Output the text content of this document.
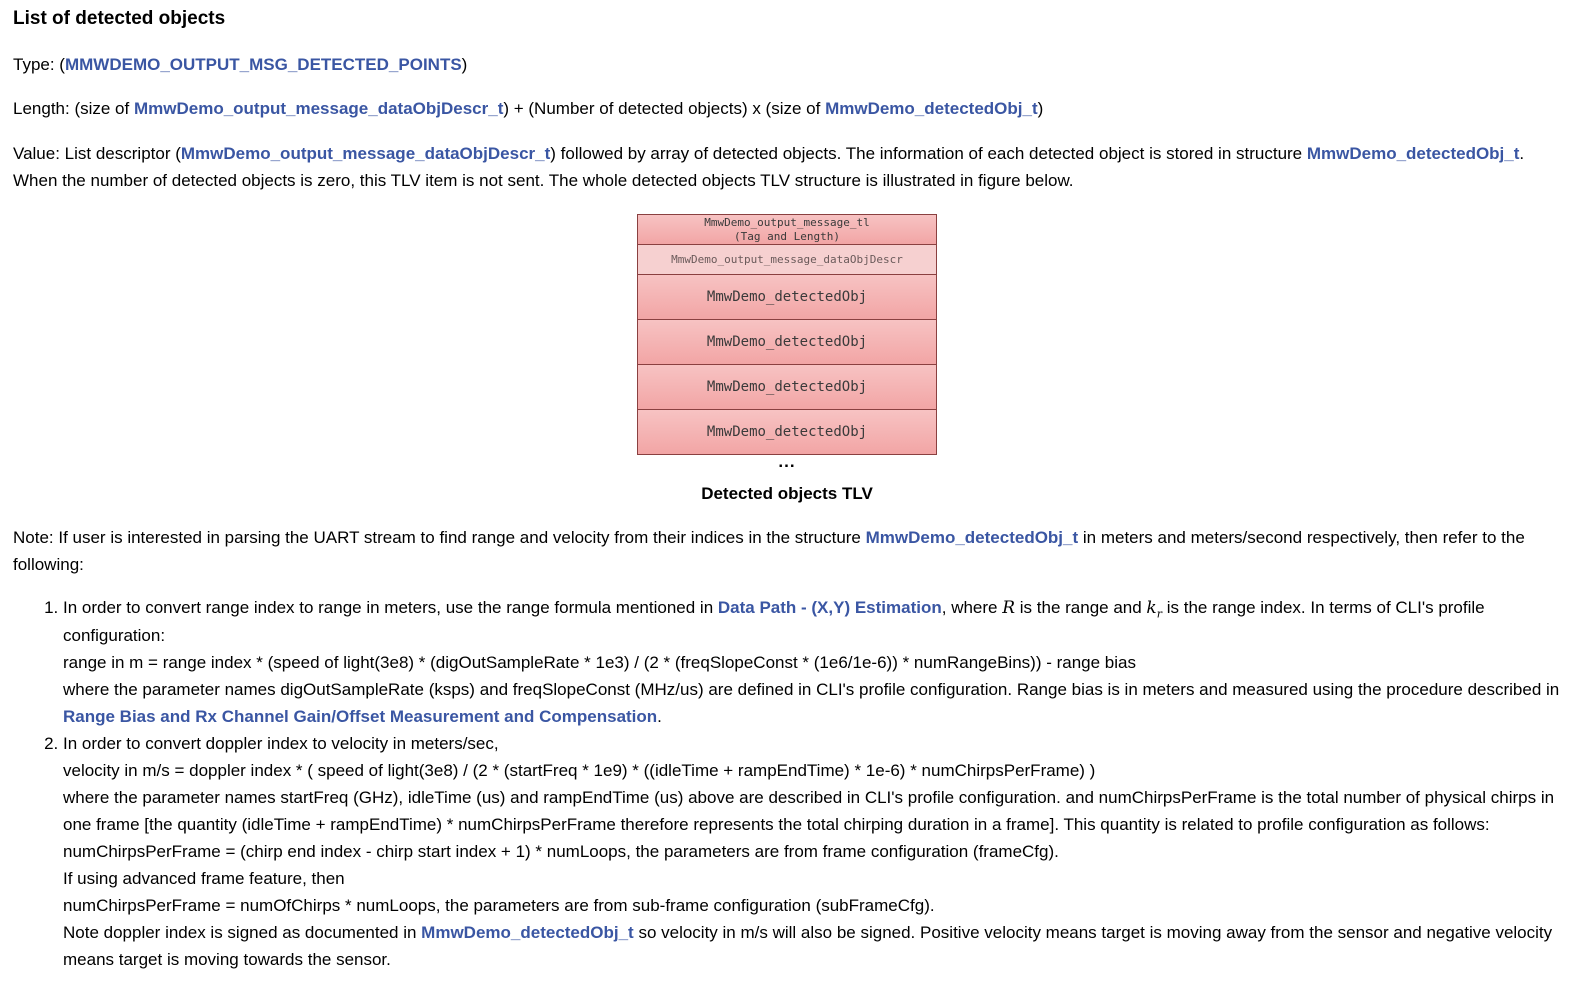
List of detected objects

Type: (MMWDEMO_OUTPUT_MSG_DETECTED_POINTS)

Length: (size of MmwDemo_output_message_dataObjDescr_t) + (Number of detected objects) x (size of MmwDemo_detectedObj_t)

Value: List descriptor (MmwDemo_output_message_dataObjDescr_t) followed by array of detected objects. The information of each detected object is stored in structure MmwDemo_detectedObj_t. When the number of detected objects is zero, this TLV item is not sent. The whole detected objects TLV structure is illustrated in figure below.

MmwDemo_output_message_tl
(Tag and Length)
MmwDemo_output_message_dataObjDescr
MmwDemo_detectedObj
MmwDemo_detectedObj
MmwDemo_detectedObj
MmwDemo_detectedObj
...
Detected objects TLV

Note: If user is interested in parsing the UART stream to find range and velocity from their indices in the structure MmwDemo_detectedObj_t in meters and meters/second respectively, then refer to the following:

1. In order to convert range index to range in meters, use the range formula mentioned in Data Path - (X,Y) Estimation, where R is the range and $k_r$ is the range index. In terms of CLI's profile configuration:
range in m = range index * (speed of light(3e8) * (digOutSampleRate * 1e3) / (2 * (freqSlopeConst * (1e6/1e-6)) * numRangeBins)) - range bias
where the parameter names digOutSampleRate (ksps) and freqSlopeConst (MHz/us) are defined in CLI's profile configuration. Range bias is in meters and measured using the procedure described in Range Bias and Rx Channel Gain/Offset Measurement and Compensation.
2. In order to convert doppler index to velocity in meters/sec,
velocity in m/s = doppler index * ( speed of light(3e8) / (2 * (startFreq * 1e9) * ((idleTime + rampEndTime) * 1e-6) * numChirpsPerFrame) )
where the parameter names startFreq (GHz), idleTime (us) and rampEndTime (us) above are described in CLI's profile configuration. and numChirpsPerFrame is the total number of physical chirps in one frame [the quantity (idleTime + rampEndTime) * numChirpsPerFrame therefore represents the total chirping duration in a frame]. This quantity is related to profile configuration as follows:
numChirpsPerFrame = (chirp end index - chirp start index + 1) * numLoops, the parameters are from frame configuration (frameCfg).
If using advanced frame feature, then
numChirpsPerFrame = numOfChirps * numLoops, the parameters are from sub-frame configuration (subFrameCfg).
Note doppler index is signed as documented in MmwDemo_detectedObj_t so velocity in m/s will also be signed. Positive velocity means target is moving away from the sensor and negative velocity means target is moving towards the sensor.
